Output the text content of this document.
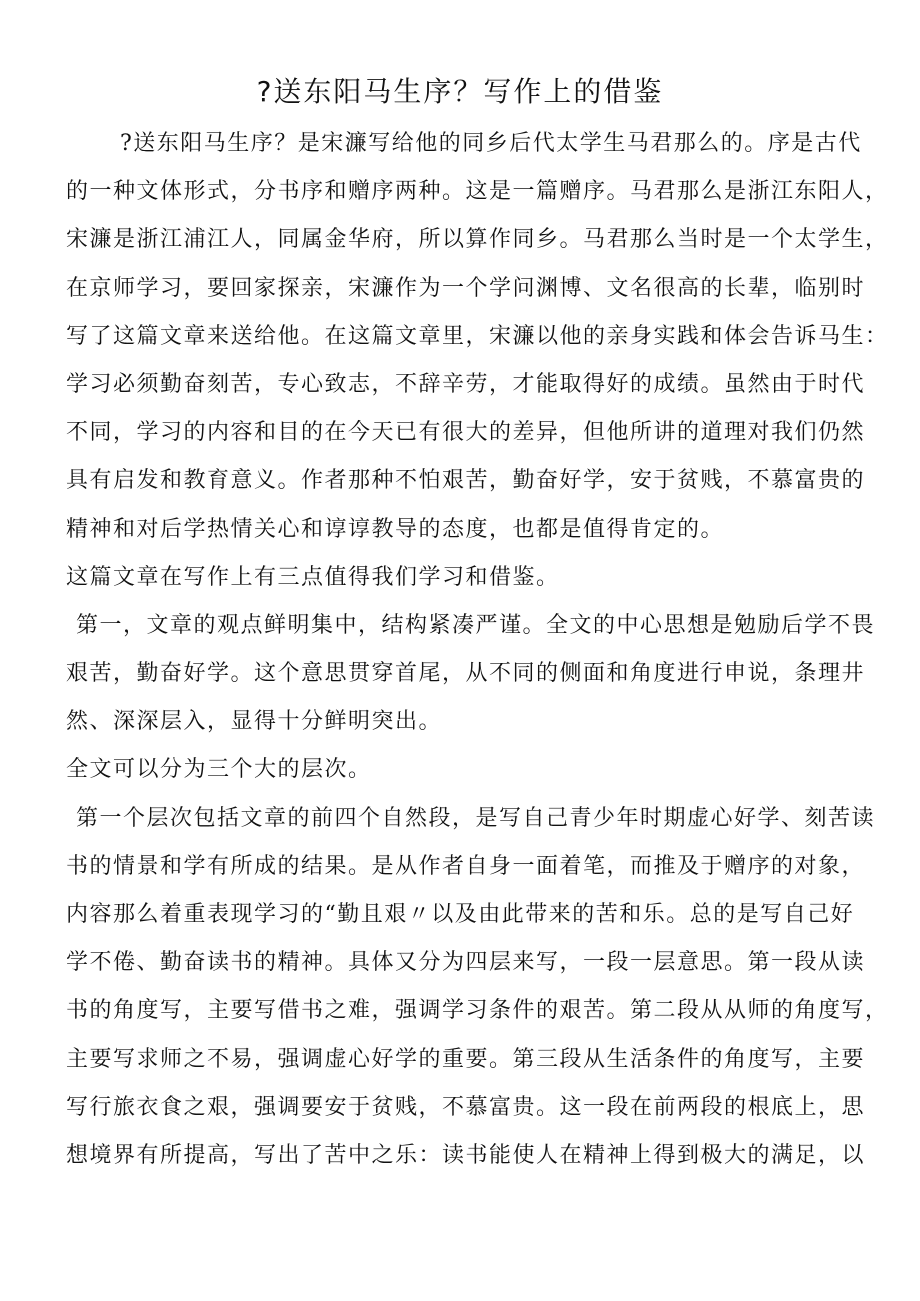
?送东阳马生序？写作上的借鉴
?送东阳马生序？是宋濂写给他的同乡后代太学生马君那么的。序是古代
的一种文体形式，分书序和赠序两种。这是一篇赠序。马君那么是浙江东阳人，
宋濂是浙江浦江人，同属金华府，所以算作同乡。马君那么当时是一个太学生，
在京师学习，要回家探亲，宋濂作为一个学问渊博、文名很高的长辈，临别时
写了这篇文章来送给他。在这篇文章里，宋濂以他的亲身实践和体会告诉马生：
学习必须勤奋刻苦，专心致志，不辞辛劳，才能取得好的成绩。虽然由于时代
不同，学习的内容和目的在今天已有很大的差异，但他所讲的道理对我们仍然
具有启发和教育意义。作者那种不怕艰苦，勤奋好学，安于贫贱，不慕富贵的
精神和对后学热情关心和谆谆教导的态度，也都是值得肯定的。
这篇文章在写作上有三点值得我们学习和借鉴。
第一，文章的观点鲜明集中，结构紧凑严谨。全文的中心思想是勉励后学不畏
艰苦，勤奋好学。这个意思贯穿首尾，从不同的侧面和角度进行申说，条理井
然、深深层入，显得十分鲜明突出。
全文可以分为三个大的层次。
第一个层次包括文章的前四个自然段，是写自己青少年时期虚心好学、刻苦读
书的情景和学有所成的结果。是从作者自身一面着笔，而推及于赠序的对象，
内容那么着重表现学习的“勤且艰〃以及由此带来的苦和乐。总的是写自己好
学不倦、勤奋读书的精神。具体又分为四层来写，一段一层意思。第一段从读
书的角度写，主要写借书之难，强调学习条件的艰苦。第二段从从师的角度写，
主要写求师之不易，强调虚心好学的重要。第三段从生活条件的角度写，主要
写行旅衣食之艰，强调要安于贫贱，不慕富贵。这一段在前两段的根底上，思
想境界有所提高，写出了苦中之乐：读书能使人在精神上得到极大的满足，以
